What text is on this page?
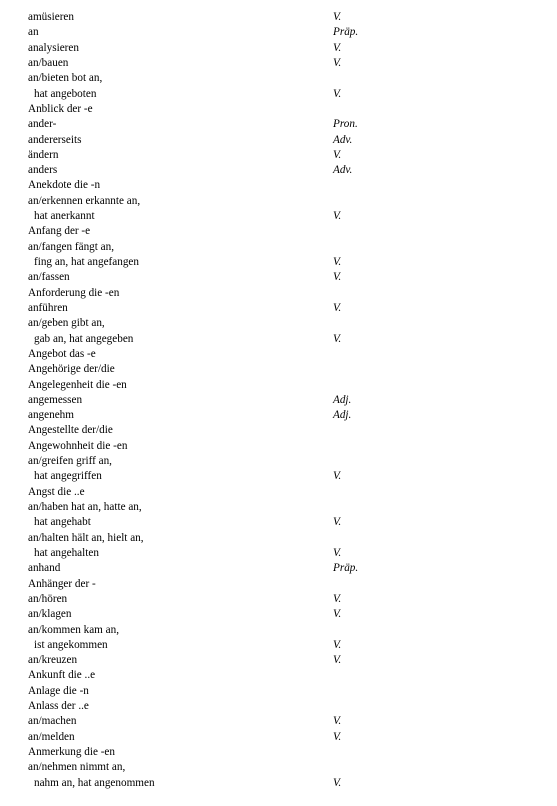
amüsieren	V.
an	Präp.
analysieren	V.
an/bauen	V.
an/bieten bot an,
hat angeboten	V.
Anblick der -e
ander-	Pron.
andererseits	Adv.
ändern	V.
anders	Adv.
Anekdote die -n
an/erkennen erkannte an,
hat anerkannt	V.
Anfang der -e
an/fangen fängt an,
fing an, hat angefangen	V.
an/fassen	V.
Anforderung die -en
anführen	V.
an/geben gibt an,
gab an, hat angegeben	V.
Angebot das -e
Angehörige der/die
Angelegenheit die -en
angemessen	Adj.
angenehm	Adj.
Angestellte der/die
Angewohnheit die -en
an/greifen griff an,
hat angegriffen	V.
Angst die ..e
an/haben hat an, hatte an,
hat angehabt	V.
an/halten hält an, hielt an,
hat angehalten	V.
anhand	Präp.
Anhänger der -
an/hören	V.
an/klagen	V.
an/kommen kam an,
ist angekommen	V.
an/kreuzen	V.
Ankunft die ..e
Anlage die -n
Anlass der ..e
an/machen	V.
an/melden	V.
Anmerkung die -en
an/nehmen nimmt an,
nahm an, hat angenommen	V.
